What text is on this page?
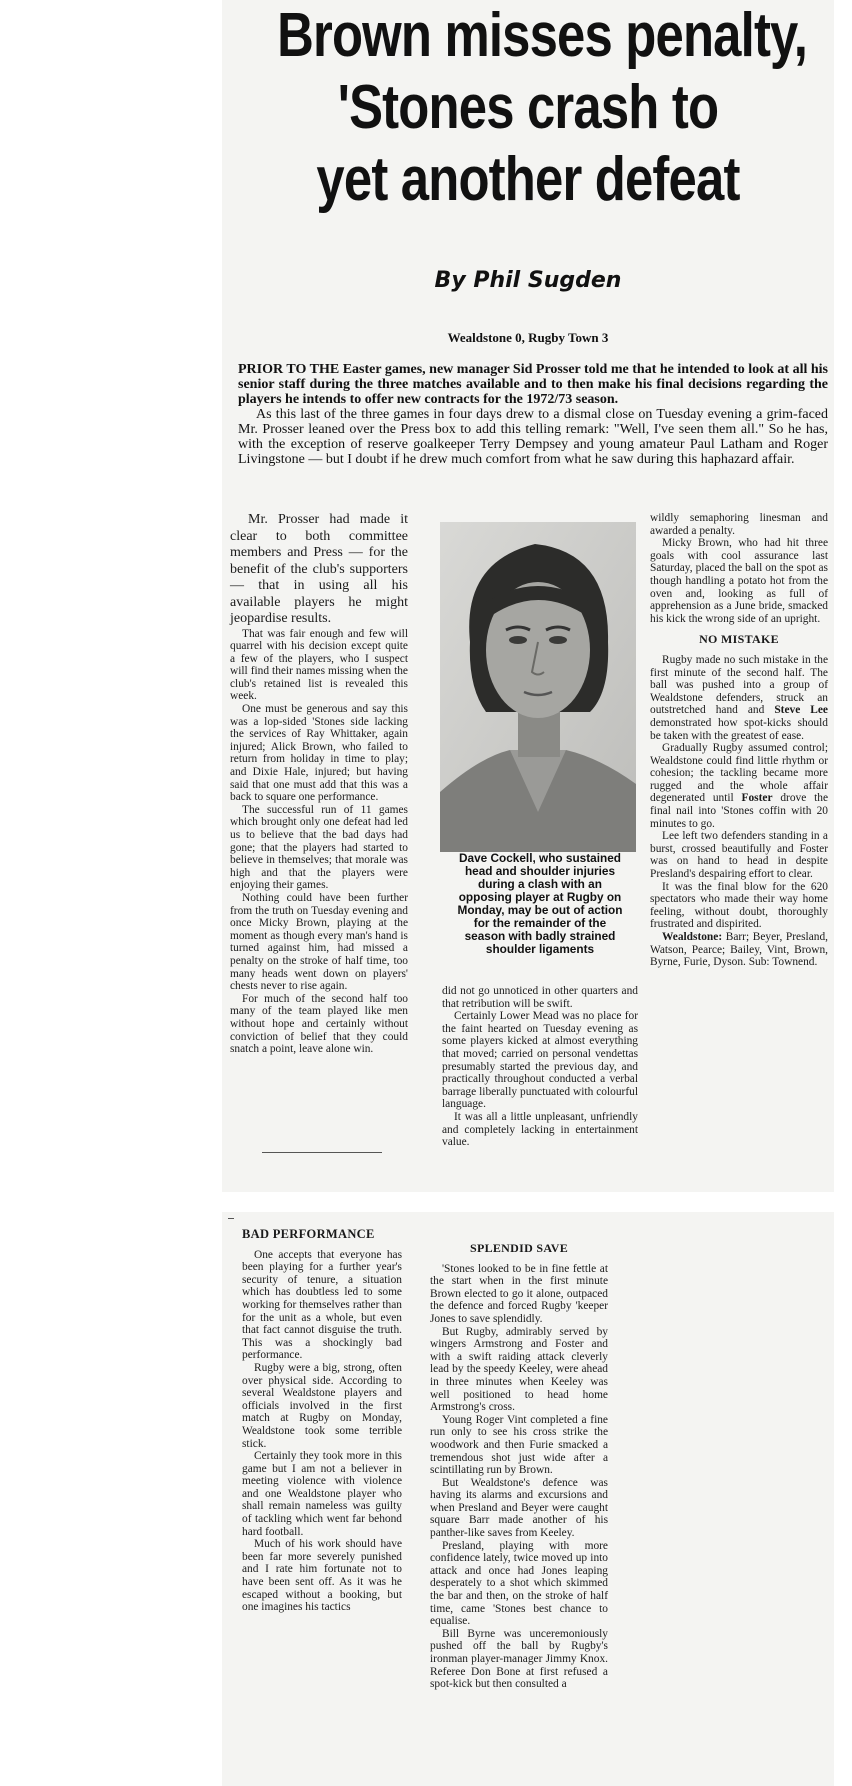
Brown misses penalty,
'Stones crash to
yet another defeat
By Phil Sugden
Wealdstone 0, Rugby Town 3

PRIOR TO THE Easter games, new manager Sid Prosser told me that he intended to look at all his senior staff during the three matches available and to then make his final decisions regarding the players he intends to offer new contracts for the 1972/73 season.

As this last of the three games in four days drew to a dismal close on Tuesday evening a grim-faced Mr. Prosser leaned over the Press box to add this telling remark: "Well, I've seen them all." So he has, with the exception of reserve goalkeeper Terry Dempsey and young amateur Paul Latham and Roger Livingstone — but I doubt if he drew much comfort from what he saw during this haphazard affair.

Mr. Prosser had made it clear to both committee members and Press — for the benefit of the club's supporters — that in using all his available players he might jeopardise results.

That was fair enough and few will quarrel with his decision except quite a few of the players, who I suspect will find their names missing when the club's retained list is revealed this week.

One must be generous and say this was a lop-sided 'Stones side lacking the services of Ray Whittaker, again injured; Alick Brown, who failed to return from holiday in time to play; and Dixie Hale, injured; but having said that one must add that this was a back to square one performance.

The successful run of 11 games which brought only one defeat had led us to believe that the bad days had gone; that the players had started to believe in themselves; that morale was high and that the players were enjoying their games.

Nothing could have been further from the truth on Tuesday evening and once Micky Brown, playing at the moment as though every man's hand is turned against him, had missed a penalty on the stroke of half time, too many heads went down on players' chests never to rise again.

For much of the second half too many of the team played like men without hope and certainly without conviction of belief that they could snatch a point, leave alone win.

Dave Cockell, who sustained head and shoulder injuries during a clash with an opposing player at Rugby on Monday, may be out of action for the remainder of the season with badly strained shoulder ligaments

did not go unnoticed in other quarters and that retribution will be swift.

Certainly Lower Mead was no place for the faint hearted on Tuesday evening as some players kicked at almost everything that moved; carried on personal vendettas presumably started the previous day, and practically throughout conducted a verbal barrage liberally punctuated with colourful language.

It was all a little unpleasant, unfriendly and completely lacking in entertainment value.

wildly semaphoring linesman and awarded a penalty.

Micky Brown, who had hit three goals with cool assurance last Saturday, placed the ball on the spot as though handling a potato hot from the oven and, looking as full of apprehension as a June bride, smacked his kick the wrong side of an upright.

NO MISTAKE

Rugby made no such mistake in the first minute of the second half. The ball was pushed into a group of Wealdstone defenders, struck an outstretched hand and Steve Lee demonstrated how spot-kicks should be taken with the greatest of ease.

Gradually Rugby assumed control; Wealdstone could find little rhythm or cohesion; the tackling became more rugged and the whole affair degenerated until Foster drove the final nail into 'Stones coffin with 20 minutes to go.

Lee left two defenders standing in a burst, crossed beautifully and Foster was on hand to head in despite Presland's despairing effort to clear.

It was the final blow for the 620 spectators who made their way home feeling, without doubt, thoroughly frustrated and dispirited.

Wealdstone: Barr; Beyer, Presland, Watson, Pearce; Bailey, Vint, Brown, Byrne, Furie, Dyson. Sub: Townend.

BAD PERFORMANCE

One accepts that everyone has been playing for a further year's security of tenure, a situation which has doubtless led to some working for themselves rather than for the unit as a whole, but even that fact cannot disguise the truth. This was a shockingly bad performance.

Rugby were a big, strong, often over physical side. According to several Wealdstone players and officials involved in the first match at Rugby on Monday, Wealdstone took some terrible stick.

Certainly they took more in this game but I am not a believer in meeting violence with violence and one Wealdstone player who shall remain nameless was guilty of tackling which went far behond hard football.

Much of his work should have been far more severely punished and I rate him fortunate not to have been sent off. As it was he escaped without a booking, but one imagines his tactics

SPLENDID SAVE

'Stones looked to be in fine fettle at the start when in the first minute Brown elected to go it alone, outpaced the defence and forced Rugby 'keeper Jones to save splendidly.

But Rugby, admirably served by wingers Armstrong and Foster and with a swift raiding attack cleverly lead by the speedy Keeley, were ahead in three minutes when Keeley was well positioned to head home Armstrong's cross.

Young Roger Vint completed a fine run only to see his cross strike the woodwork and then Furie smacked a tremendous shot just wide after a scintillating run by Brown.

But Wealdstone's defence was having its alarms and excursions and when Presland and Beyer were caught square Barr made another of his panther-like saves from Keeley.

Presland, playing with more confidence lately, twice moved up into attack and once had Jones leaping desperately to a shot which skimmed the bar and then, on the stroke of half time, came 'Stones best chance to equalise.

Bill Byrne was unceremoniously pushed off the ball by Rugby's ironman player-manager Jimmy Knox. Referee Don Bone at first refused a spot-kick but then consulted a
